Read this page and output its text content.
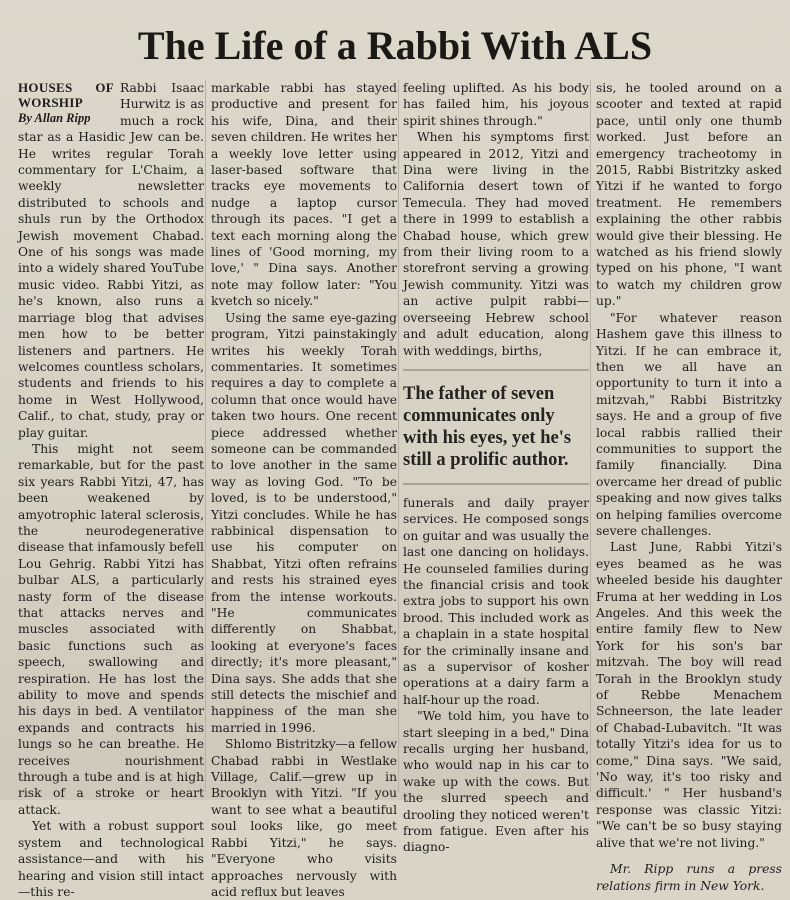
The Life of a Rabbi With ALS
HOUSES OF WORSHIP
By Allan Ripp

Rabbi Isaac Hurwitz is as much a rock star as a Hasidic Jew can be. He writes regular Torah commentary for L'Chaim, a weekly newsletter distributed to schools and shuls run by the Orthodox Jewish movement Chabad. One of his songs was made into a widely shared YouTube music video. Rabbi Yitzi, as he's known, also runs a marriage blog that advises men how to be better listeners and partners. He welcomes countless scholars, students and friends to his home in West Hollywood, Calif., to chat, study, pray or play guitar.

This might not seem remarkable, but for the past six years Rabbi Yitzi, 47, has been weakened by amyotrophic lateral sclerosis, the neurodegenerative disease that infamously befell Lou Gehrig. Rabbi Yitzi has bulbar ALS, a particularly nasty form of the disease that attacks nerves and muscles associated with basic functions such as speech, swallowing and respiration. He has lost the ability to move and spends his days in bed. A ventilator expands and contracts his lungs so he can breathe. He receives nourishment through a tube and is at high risk of a stroke or heart attack.

Yet with a robust support system and technological assistance—and with his hearing and vision still intact—this re-

markable rabbi has stayed productive and present for his wife, Dina, and their seven children. He writes her a weekly love letter using laser-based software that tracks eye movements to nudge a laptop cursor through its paces. "I get a text each morning along the lines of 'Good morning, my love,' " Dina says. Another note may follow later: "You kvetch so nicely."

Using the same eye-gazing program, Yitzi painstakingly writes his weekly Torah commentaries. It sometimes requires a day to complete a column that once would have taken two hours. One recent piece addressed whether someone can be commanded to love another in the same way as loving God. "To be loved, is to be understood," Yitzi concludes. While he has rabbinical dispensation to use his computer on Shabbat, Yitzi often refrains and rests his strained eyes from the intense workouts. "He communicates differently on Shabbat, looking at everyone's faces directly; it's more pleasant," Dina says. She adds that she still detects the mischief and happiness of the man she married in 1996.

Shlomo Bistritzky—a fellow Chabad rabbi in Westlake Village, Calif.—grew up in Brooklyn with Yitzi. "If you want to see what a beautiful soul looks like, go meet Rabbi Yitzi," he says. "Everyone who visits approaches nervously with acid reflux but leaves

feeling uplifted. As his body has failed him, his joyous spirit shines through."

When his symptoms first appeared in 2012, Yitzi and Dina were living in the California desert town of Temecula. They had moved there in 1999 to establish a Chabad house, which grew from their living room to a storefront serving a growing Jewish community. Yitzi was an active pulpit rabbi—overseeing Hebrew school and adult education, along with weddings, births,

The father of seven communicates only with his eyes, yet he's still a prolific author.

funerals and daily prayer services. He composed songs on guitar and was usually the last one dancing on holidays. He counseled families during the financial crisis and took extra jobs to support his own brood. This included work as a chaplain in a state hospital for the criminally insane and as a supervisor of kosher operations at a dairy farm a half-hour up the road.

"We told him, you have to start sleeping in a bed," Dina recalls urging her husband, who would nap in his car to wake up with the cows. But the slurred speech and drooling they noticed weren't from fatigue. Even after his diagno-

sis, he tooled around on a scooter and texted at rapid pace, until only one thumb worked. Just before an emergency tracheotomy in 2015, Rabbi Bistritzky asked Yitzi if he wanted to forgo treatment. He remembers explaining the other rabbis would give their blessing. He watched as his friend slowly typed on his phone, "I want to watch my children grow up."

"For whatever reason Hashem gave this illness to Yitzi. If he can embrace it, then we all have an opportunity to turn it into a mitzvah," Rabbi Bistritzky says. He and a group of five local rabbis rallied their communities to support the family financially. Dina overcame her dread of public speaking and now gives talks on helping families overcome severe challenges.

Last June, Rabbi Yitzi's eyes beamed as he was wheeled beside his daughter Fruma at her wedding in Los Angeles. And this week the entire family flew to New York for his son's bar mitzvah. The boy will read Torah in the Brooklyn study of Rebbe Menachem Schneerson, the late leader of Chabad-Lubavitch. "It was totally Yitzi's idea for us to come," Dina says. "We said, 'No way, it's too risky and difficult.' " Her husband's response was classic Yitzi: "We can't be so busy staying alive that we're not living."

Mr. Ripp runs a press relations firm in New York.
